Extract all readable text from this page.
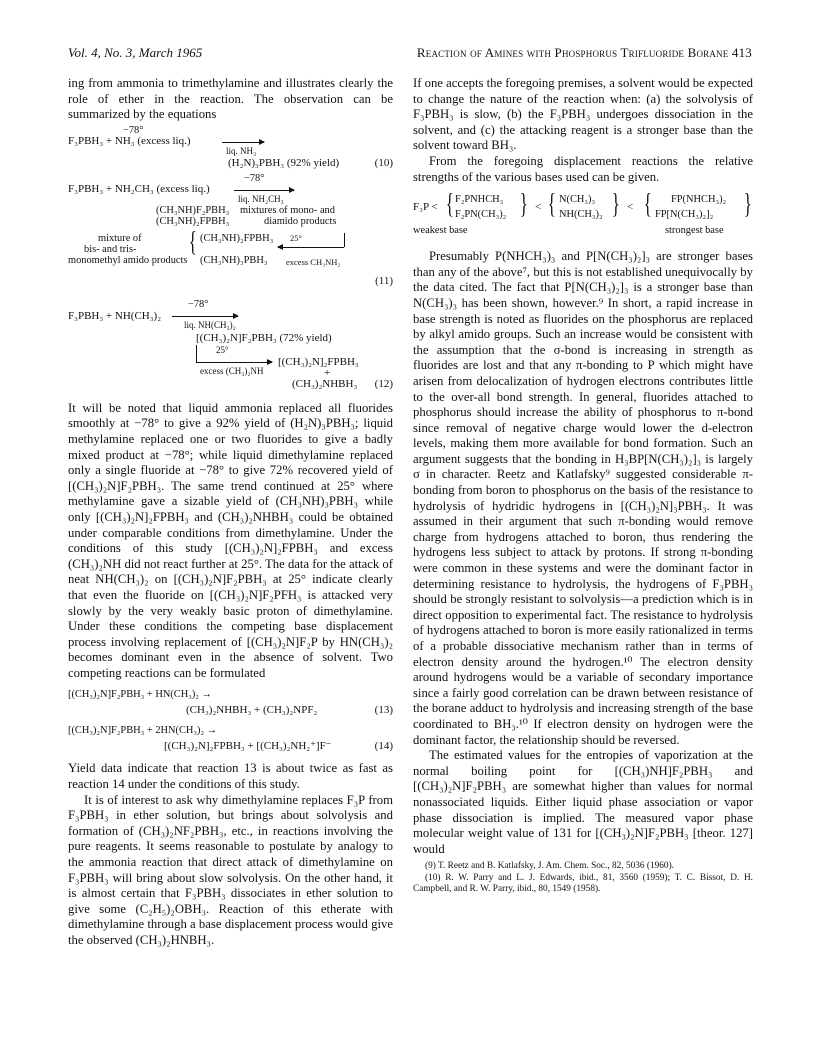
Vol. 4, No. 3, March 1965	Reaction of Amines with Phosphorus Trifluoride Borane 413

ing from ammonia to trimethylamine and illustrates clearly the role of ether in the reaction. The observation can be summarized by the equations

−78°
F₃PBH₃ + NH₃ (excess liq.)
liq. NH₃
(H₂N)₃PBH₃ (92% yield)	(10)
−78°
F₃PBH₃ + NH₂CH₃ (excess liq.)
liq. NH₂CH₃
(CH₃NH)F₂PBH₃
(CH₃NH)₂FPBH₃
mixtures of mono- and
diamido products
mixture of
bis- and tris-
monomethyl amido products
{ (CH₃NH)₂FPBH₃ 25°
(CH₃NH)₃PBH₃ excess CH₃NH₂
(11)
−78°
F₃PBH₃ + NH(CH₃)₂
liq. NH(CH₃)₂
[(CH₃)₂N]F₂PBH₃ (72% yield)
25°
excess (CH₃)₂NH
[(CH₃)₂N]₂FPBH₃
+
(CH₃)₂NHBH₃ (12)

It will be noted that liquid ammonia replaced all fluorides smoothly at −78° to give a 92% yield of (H₂N)₃PBH₃; liquid methylamine replaced one or two fluorides to give a badly mixed product at −78°; while liquid dimethylamine replaced only a single fluoride at −78° to give 72% recovered yield of [(CH₃)₂N]F₂PBH₃. The same trend continued at 25° where methylamine gave a sizable yield of (CH₃NH)₃PBH₃ while only [(CH₃)₂N]₂FPBH₃ and (CH₃)₂NHBH₃ could be obtained under comparable conditions from dimethylamine. Under the conditions of this study [(CH₃)₂N]₂FPBH₃ and excess (CH₃)₂NH did not react further at 25°. The data for the attack of neat NH(CH₃)₂ on [(CH₃)₂N]F₂PBH₃ at 25° indicate clearly that even the fluoride on [(CH₃)₂N]F₂PFH₃ is attacked very slowly by the very weakly basic proton of dimethylamine. Under these conditions the competing base displacement process involving replacement of [(CH₃)₂N]F₂P by HN(CH₃)₂ becomes dominant even in the absence of solvent. Two competing reactions can be formulated

[(CH₃)₂N]F₂PBH₃ + HN(CH₃)₂ →
(CH₃)₂NHBH₃ + (CH₃)₂NPF₂	(13)
[(CH₃)₂N]F₂PBH₃ + 2HN(CH₃)₂ →
[(CH₃)₂N]₂FPBH₃ + [(CH₃)₂NH₂⁺]F⁻	(14)

Yield data indicate that reaction 13 is about twice as fast as reaction 14 under the conditions of this study.

It is of interest to ask why dimethylamine replaces F₃P from F₃PBH₃ in ether solution, but brings about solvolysis and formation of (CH₃)₂NF₂PBH₃, etc., in reactions involving the pure reagents. It seems reasonable to postulate by analogy to the ammonia reaction that direct attack of dimethylamine on F₃PBH₃ will bring about slow solvolysis. On the other hand, it is almost certain that F₃PBH₃ dissociates in ether solution to give some (C₂H₅)₂OBH₃. Reaction of this etherate with dimethylamine through a base displacement process would give the observed (CH₃)₂HNBH₃.

If one accepts the foregoing premises, a solvent would be expected to change the nature of the reaction when: (a) the solvolysis of F₃PBH₃ is slow, (b) the F₃PBH₃ undergoes dissociation in the solvent, and (c) the attacking reagent is a stronger base than the solvent toward BH₃.

From the foregoing displacement reactions the relative strengths of the various bases used can be given.

F₃P < { F₂PNHCH₃
F₂PN(CH₃)₂ } < { N(CH₃)₃
NH(CH₃)₂ } < { FP(NHCH₃)₂
FP[N(CH₃)₂]₂ }
weakest base	strongest base

Presumably P(NHCH₃)₃ and P[N(CH₃)₂]₃ are stronger bases than any of the above⁷, but this is not established unequivocally by the data cited. The fact that P[N(CH₃)₂]₃ is a stronger base than N(CH₃)₃ has been shown, however.⁹ In short, a rapid increase in base strength is noted as fluorides on the phosphorus are replaced by alkyl amido groups. Such an increase would be consistent with the assumption that the σ-bond is increasing in strength as fluorides are lost and that any π-bonding to P which might have arisen from delocalization of hydrogen electrons contributes little to the over-all bond strength. In general, fluorides attached to phosphorus should increase the ability of phosphorus to π-bond since removal of negative charge would lower the d-electron levels, making them more available for bond formation. Such an argument suggests that the bonding in H₃BP[N(CH₃)₂]₃ is largely σ in character. Reetz and Katlafsky⁹ suggested considerable π-bonding from boron to phosphorus on the basis of the resistance to hydrolysis of hydridic hydrogens in [(CH₃)₂N]₃PBH₃. It was assumed in their argument that such π-bonding would remove charge from hydrogens attached to boron, thus rendering the hydrogens less subject to attack by protons. If strong π-bonding were common in these systems and were the dominant factor in determining resistance to hydrolysis, the hydrogens of F₃PBH₃ should be strongly resistant to solvolysis—a prediction which is in direct opposition to experimental fact. The resistance to hydrolysis of hydrogens attached to boron is more easily rationalized in terms of a probable dissociative mechanism rather than in terms of electron density around the hydrogen.¹⁰ The electron density around hydrogens would be a variable of secondary importance since a fairly good correlation can be drawn between resistance of the borane adduct to hydrolysis and increasing strength of the base coordinated to BH₃.¹⁰ If electron density on hydrogen were the dominant factor, the relationship should be reversed.

The estimated values for the entropies of vaporization at the normal boiling point for [(CH₃)NH]F₂PBH₃ and [(CH₃)₂N]F₂PBH₃ are somewhat higher than values for normal nonassociated liquids. Either liquid phase association or vapor phase dissociation is implied. The measured vapor phase molecular weight value of 131 for [(CH₃)₂N]F₂PBH₃ [theor. 127] would

(9) T. Reetz and B. Katlafsky, J. Am. Chem. Soc., 82, 5036 (1960).

(10) R. W. Parry and L. J. Edwards, ibid., 81, 3560 (1959); T. C. Bissot, D. H. Campbell, and R. W. Parry, ibid., 80, 1549 (1958).
